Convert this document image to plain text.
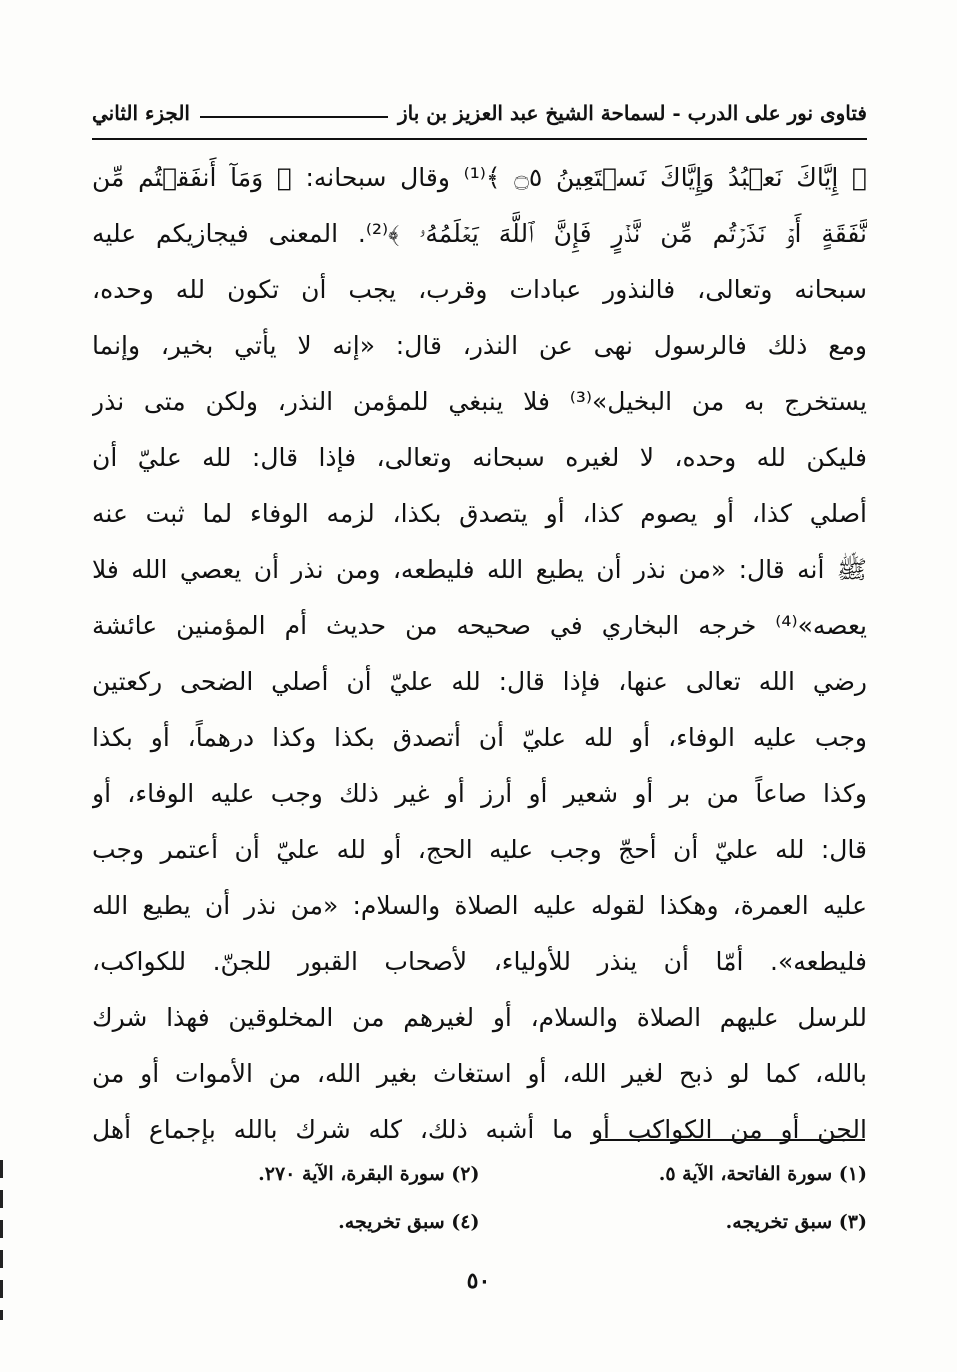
فتاوى نور على الدرب - لسماحة الشيخ عبد العزيز بن باز
الجزء الثاني
﴿ إِيَّاكَ نَعۡبُدُ وَإِيَّاكَ نَسۡتَعِينُ ۝٥ ﴾⁽¹⁾ وقال سبحانه: ﴿ وَمَآ أَنفَقۡتُم مِّن
نَّفَقَةٍ أَوۡ نَذَرۡتُم مِّن نَّذۡرٍ فَإِنَّ ٱللَّهَ يَعۡلَمُهُۥ ﴾⁽²⁾. المعنى فيجازيكم عليه
سبحانه وتعالى، فالنذور عبادات وقرب، يجب أن تكون لله وحده،
ومع ذلك فالرسول نهى عن النذر، قال: «إنه لا يأتي بخير، وإنما
يستخرج به من البخيل»⁽³⁾ فلا ينبغي للمؤمن النذر، ولكن متى نذر
فليكن لله وحده، لا لغيره سبحانه وتعالى، فإذا قال: لله عليّ أن
أصلي كذا، أو يصوم كذا، أو يتصدق بكذا، لزمه الوفاء لما ثبت عنه
ﷺ أنه قال: «من نذر أن يطيع الله فليطعه، ومن نذر أن يعصي الله فلا
يعصه»⁽⁴⁾ خرجه البخاري في صحيحه من حديث أم المؤمنين عائشة
رضي الله تعالى عنها، فإذا قال: لله عليّ أن أصلي الضحى ركعتين
وجب عليه الوفاء، أو لله عليّ أن أتصدق بكذا وكذا درهماً، أو بكذا
وكذا صاعاً من بر أو شعير أو أرز أو غير ذلك وجب عليه الوفاء، أو
قال: لله عليّ أن أحجّ وجب عليه الحج، أو لله عليّ أن أعتمر وجب
عليه العمرة، وهكذا لقوله عليه الصلاة والسلام: «من نذر أن يطيع الله
فليطعه». أمّا أن ينذر للأولياء، لأصحاب القبور للجنّ. للكواكب،
للرسل عليهم الصلاة والسلام، أو لغيرهم من المخلوقين فهذا شرك
بالله، كما لو ذبح لغير الله، أو استغاث بغير الله، من الأموات أو من
الجن أو من الكواكب أو ما أشبه ذلك، كله شرك بالله بإجماع أهل
(١) سورة الفاتحة، الآية ٥.
(٢) سورة البقرة، الآية ٢٧٠.
(٣) سبق تخريجه.
(٤) سبق تخريجه.
٥٠
